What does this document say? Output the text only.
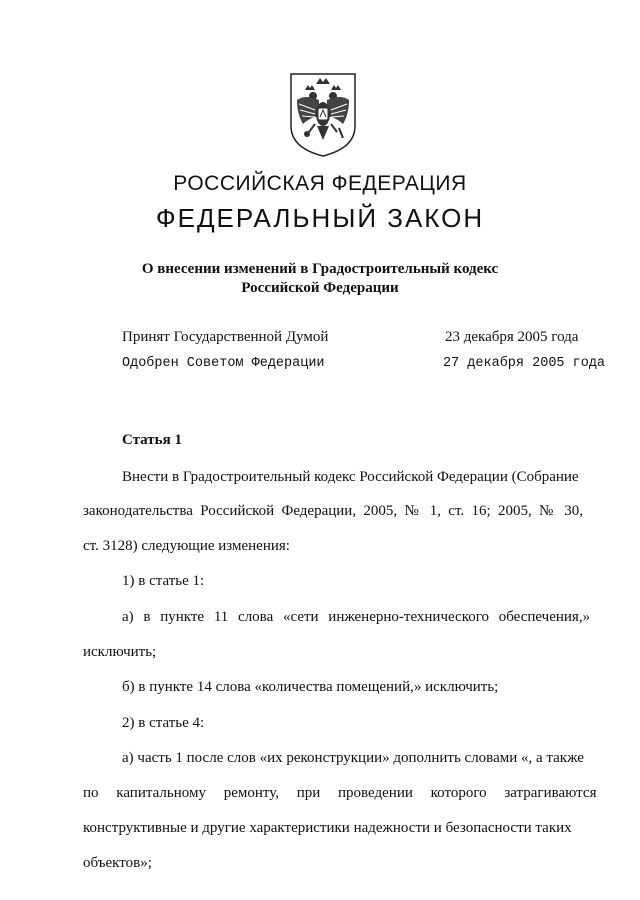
РОССИЙСКАЯ ФЕДЕРАЦИЯ
ФЕДЕРАЛЬНЫЙ ЗАКОН
О внесении изменений в Градостроительный кодекс
Российской Федерации
Принят Государственной Думой	23 декабря 2005 года
Одобрен Советом Федерации	27 декабря 2005 года
Статья 1
Внести в Градостроительный кодекс Российской Федерации (Собрание
законодательства Российской Федерации, 2005, № 1, ст. 16; 2005, № 30,
ст. 3128) следующие изменения:
1) в статье 1:
а) в пункте 11 слова «сети инженерно-технического обеспечения,»
исключить;
б) в пункте 14 слова «количества помещений,» исключить;
2) в статье 4:
а) часть 1 после слов «их реконструкции» дополнить словами «, а также
по капитальному ремонту, при проведении которого затрагиваются
конструктивные и другие характеристики надежности и безопасности таких
объектов»;
